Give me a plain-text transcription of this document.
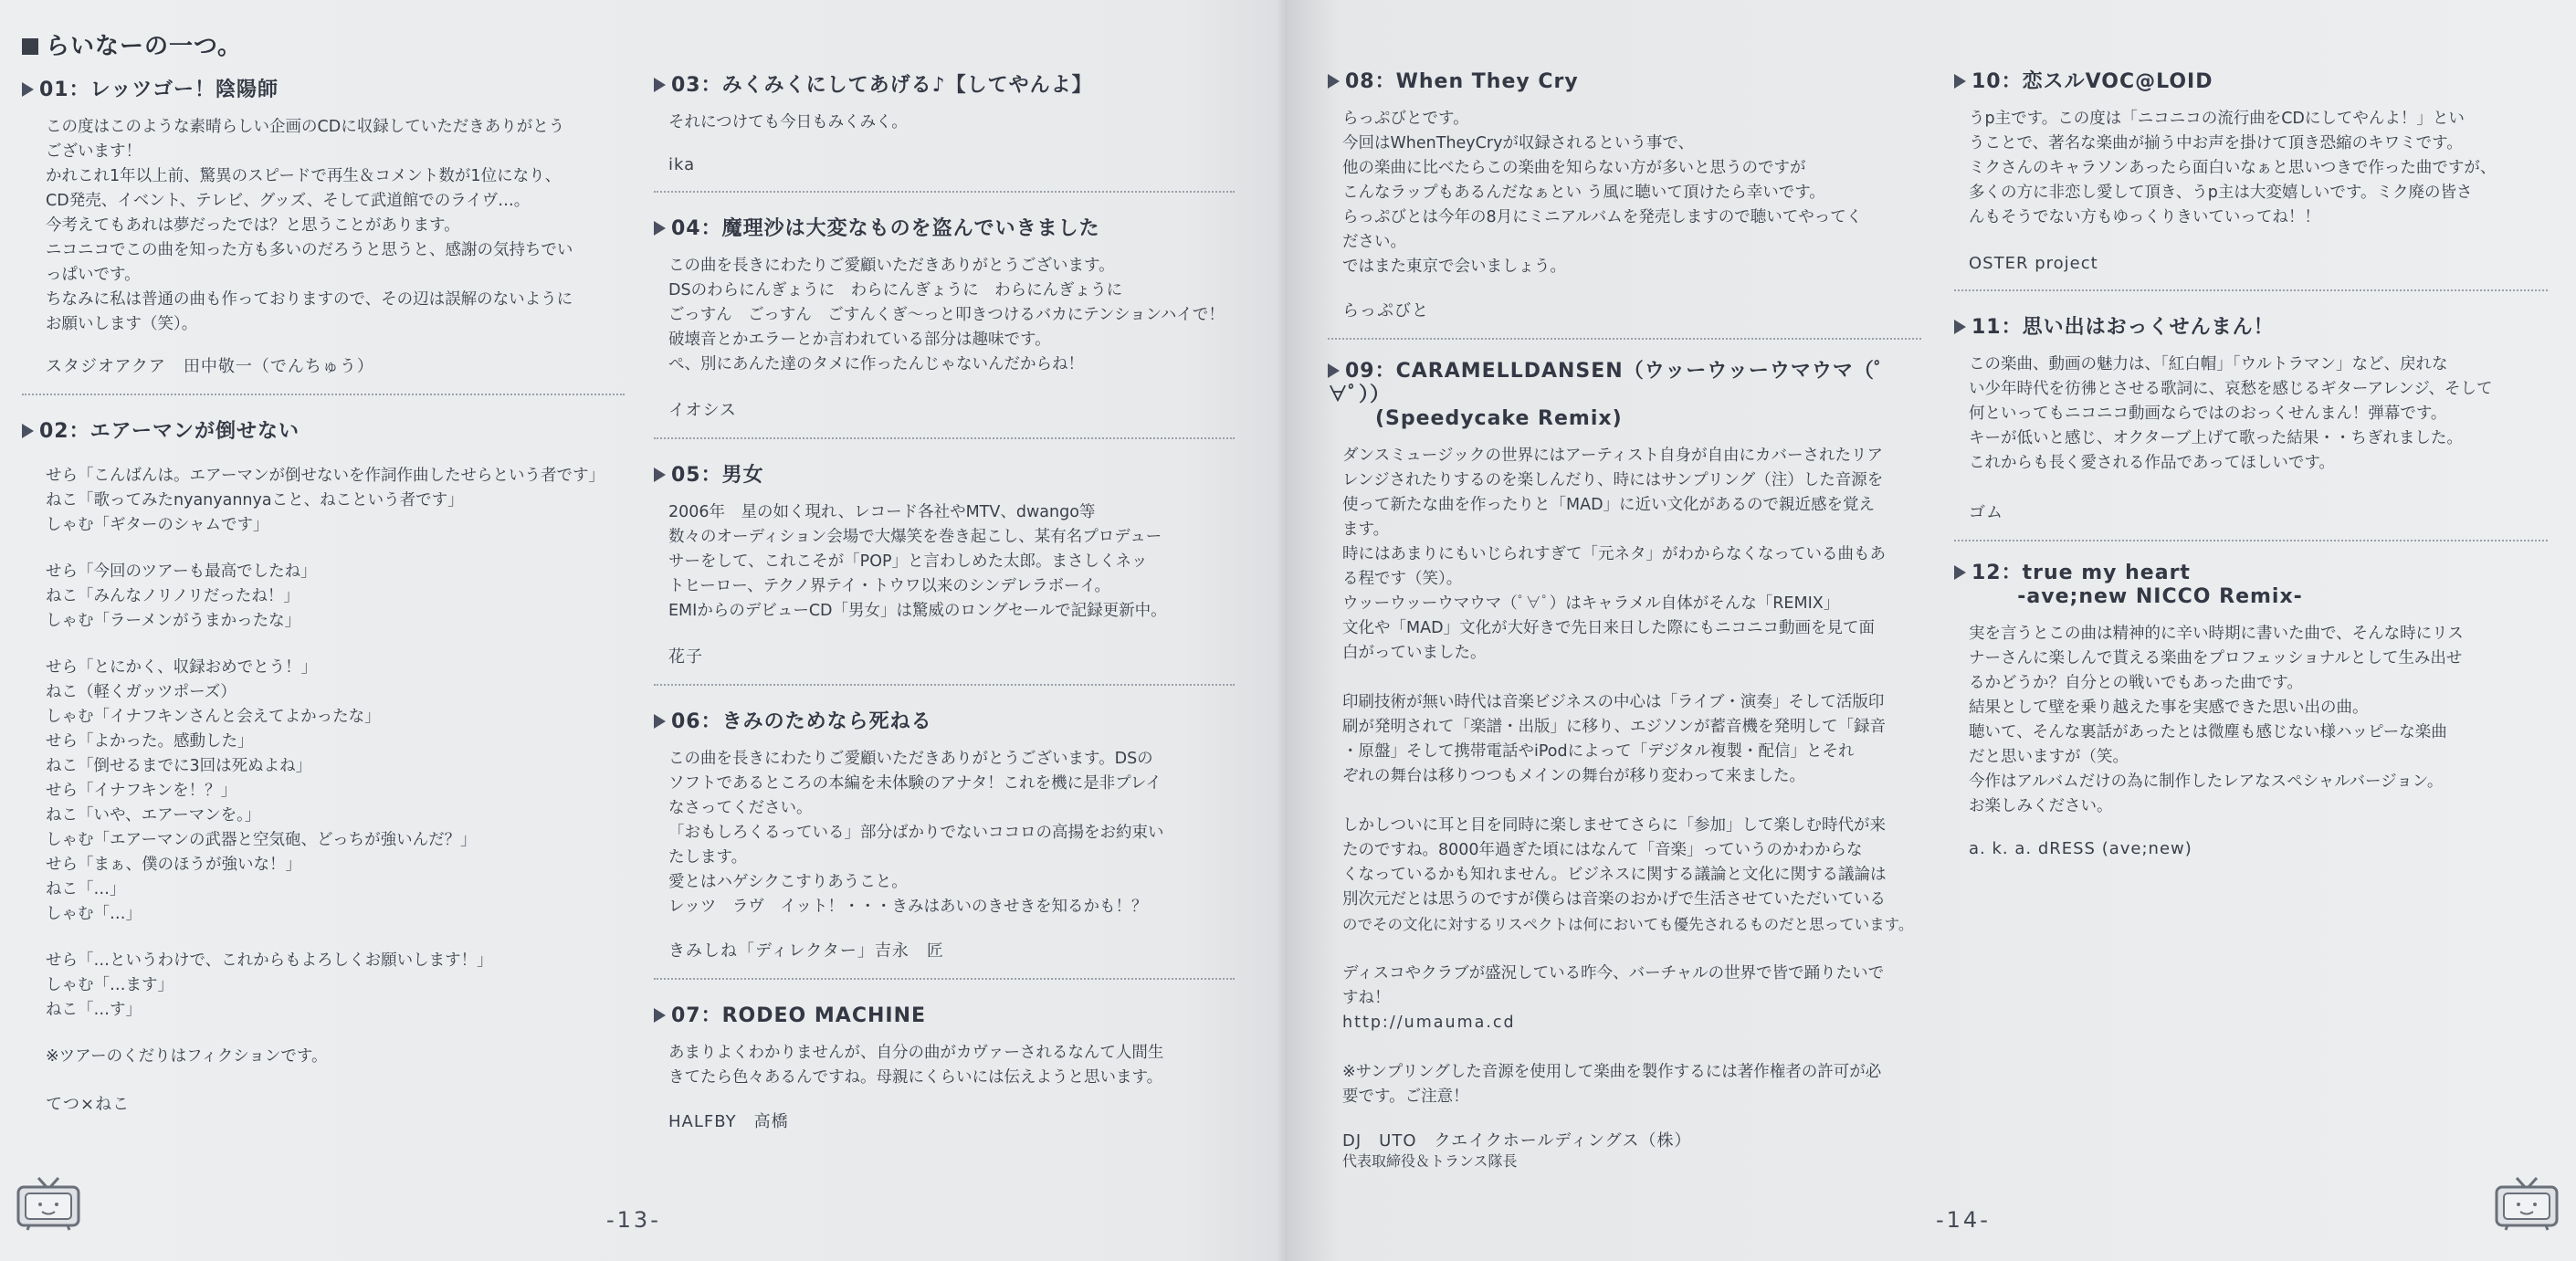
らいなーの一つ。
01：レッツゴー！陰陽師

この度はこのような素晴らしい企画のCDに収録していただきありがとう

ございます！

かれこれ1年以上前、驚異のスピードで再生＆コメント数が1位になり、

CD発売、イベント、テレビ、グッズ、そして武道館でのライヴ…。

今考えてもあれは夢だったでは？と思うことがあります。

ニコニコでこの曲を知った方も多いのだろうと思うと、感謝の気持ちでい

っぱいです。

ちなみに私は普通の曲も作っておりますので、その辺は誤解のないように

お願いします（笑）。

スタジオアクア　田中敬一（でんちゅう）

02：エアーマンが倒せない

せら「こんばんは。エアーマンが倒せないを作詞作曲したせらという者です」

ねこ「歌ってみたnyanyannyaこと、ねこという者です」

しゃむ「ギターのシャムです」

せら「今回のツアーも最高でしたね」

ねこ「みんなノリノリだったね！」

しゃむ「ラーメンがうまかったな」

せら「とにかく、収録おめでとう！」

ねこ（軽くガッツポーズ）

しゃむ「イナフキンさんと会えてよかったな」

せら「よかった。感動した」

ねこ「倒せるまでに3回は死ぬよね」

せら「イナフキンを！？」

ねこ「いや、エアーマンを。」

しゃむ「エアーマンの武器と空気砲、どっちが強いんだ？」

せら「まぁ、僕のほうが強いな！」

ねこ「…」

しゃむ「…」

せら「…というわけで、これからもよろしくお願いします！」

しゃむ「…ます」

ねこ「…す」

※ツアーのくだりはフィクションです。

てつ×ねこ

03：みくみくにしてあげる♪【してやんよ】

それにつけても今日もみくみく。

ika

04：魔理沙は大変なものを盗んでいきました

この曲を長きにわたりご愛顧いただきありがとうございます。

DSのわらにんぎょうに　わらにんぎょうに　わらにんぎょうに

ごっすん　ごっすん　ごすんくぎ〜っと叩きつけるバカにテンションハイで！

破壊音とかエラーとか言われている部分は趣味です。

ぺ、別にあんた達のタメに作ったんじゃないんだからね！

イオシス

05：男女

2006年　星の如く現れ、レコード各社やMTV、dwango等

数々のオーディション会場で大爆笑を巻き起こし、某有名プロデュー

サーをして、これこそが「POP」と言わしめた太郎。まさしくネッ

トヒーロー、テクノ界テイ・トウワ以来のシンデレラボーイ。

EMIからのデビューCD「男女」は驚威のロングセールで記録更新中。

花子

06：きみのためなら死ねる

この曲を長きにわたりご愛顧いただきありがとうございます。DSの

ソフトであるところの本編を未体験のアナタ！これを機に是非プレイ

なさってください。

「おもしろくるっている」部分ばかりでないココロの高揚をお約束い

たします。

愛とはハゲシクこすりあうこと。

レッツ　ラヴ　イット！・・・きみはあいのきせきを知るかも！？

きみしね「ディレクター」吉永　匠

07：RODEO MACHINE

あまりよくわかりませんが、自分の曲がカヴァーされるなんて人間生

きてたら色々あるんですね。母親にくらいには伝えようと思います。

HALFBY　高橋

-13-
08：When They Cry

らっぷびとです。

今回はWhenTheyCryが収録されるという事で、

他の楽曲に比べたらこの楽曲を知らない方が多いと思うのですが

こんなラップもあるんだなぁとい う風に聴いて頂けたら幸いです。

らっぷびとは今年の8月にミニアルバムを発売しますので聴いてやってく

ださい。

ではまた東京で会いましょう。

らっぷびと

09：CARAMELLDANSEN（ウッーウッーウマウマ（ﾟ∀ﾟ））
(Speedycake Remix)

ダンスミュージックの世界にはアーティスト自身が自由にカバーされたリア

レンジされたりするのを楽しんだり、時にはサンプリング（注）した音源を

使って新たな曲を作ったりと「MAD」に近い文化があるので親近感を覚え

ます。

時にはあまりにもいじられすぎて「元ネタ」がわからなくなっている曲もあ

る程です（笑）。

ウッーウッーウマウマ（ﾟ∀ﾟ）はキャラメル自体がそんな「REMIX」

文化や「MAD」文化が大好きで先日来日した際にもニコニコ動画を見て面

白がっていました。

印刷技術が無い時代は音楽ビジネスの中心は「ライブ・演奏」そして活版印

刷が発明されて「楽譜・出版」に移り、エジソンが蓄音機を発明して「録音

・原盤」そして携帯電話やiPodによって「デジタル複製・配信」とそれ

ぞれの舞台は移りつつもメインの舞台が移り変わって来ました。

しかしついに耳と目を同時に楽しませてさらに「参加」して楽しむ時代が来

たのですね。8000年過ぎた頃にはなんて「音楽」っていうのかわからな

くなっているかも知れません。ビジネスに関する議論と文化に関する議論は

別次元だとは思うのですが僕らは音楽のおかげで生活させていただいている

のでその文化に対するリスペクトは何においても優先されるものだと思っています。

ディスコやクラブが盛況している昨今、バーチャルの世界で皆で踊りたいで

すね！

http://umauma.cd

※サンプリングした音源を使用して楽曲を製作するには著作権者の許可が必

要です。ご注意！

DJ　UTO　クエイクホールディングス（株）

代表取締役＆トランス隊長

10：恋スルVOC@LOID

うp主です。この度は「ニコニコの流行曲をCDにしてやんよ！」とい

うことで、著名な楽曲が揃う中お声を掛けて頂き恐縮のキワミです。

ミクさんのキャラソンあったら面白いなぁと思いつきで作った曲ですが、

多くの方に非恋し愛して頂き、うp主は大変嬉しいです。ミク廃の皆さ

んもそうでない方もゆっくりきいていってね！！

OSTER project

11：思い出はおっくせんまん！

この楽曲、動画の魅力は、「紅白帽」「ウルトラマン」など、戻れな

い少年時代を彷彿とさせる歌詞に、哀愁を感じるギターアレンジ、そして

何といってもニコニコ動画ならではのおっくせんまん！弾幕です。

キーが低いと感じ、オクターブ上げて歌った結果・・ちぎれました。

これからも長く愛される作品であってほしいです。

ゴム

12：true my heart
-ave;new NICCO Remix-

実を言うとこの曲は精神的に辛い時期に書いた曲で、そんな時にリス

ナーさんに楽しんで貰える楽曲をプロフェッショナルとして生み出せ

るかどうか？自分との戦いでもあった曲です。

結果として壁を乗り越えた事を実感できた思い出の曲。

聴いて、そんな裏話があったとは微塵も感じない様ハッピーな楽曲

だと思いますが（笑。

今作はアルバムだけの為に制作したレアなスペシャルバージョン。

お楽しみください。

a. k. a. dRESS (ave;new)

-14-
